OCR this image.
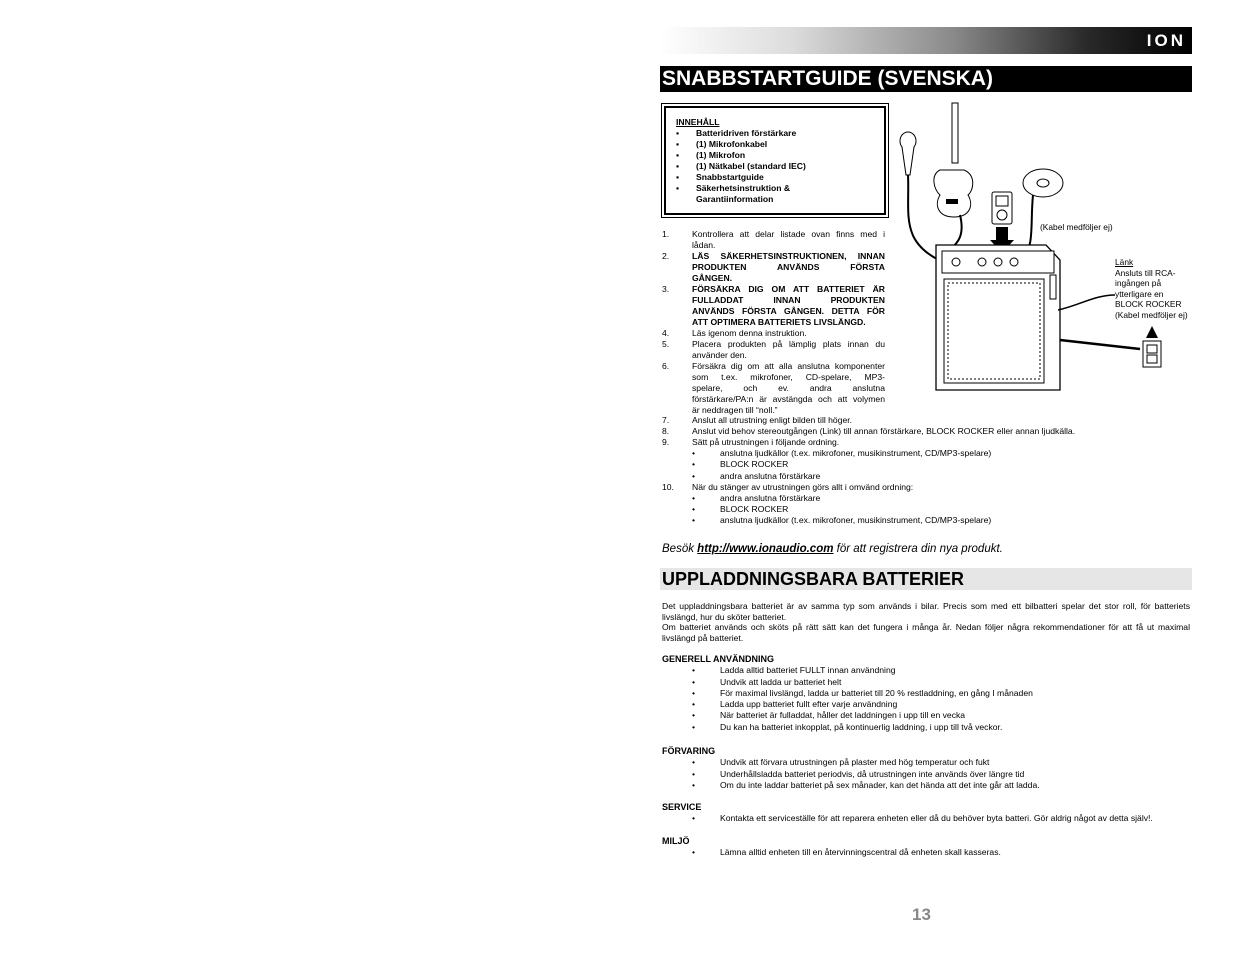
ION
SNABBSTARTGUIDE (SVENSKA)
INNEHÅLL
▪	Batteridriven förstärkare
▪	(1) Mikrofonkabel
▪	(1) Mikrofon
▪	(1) Nätkabel (standard IEC)
▪	Snabbstartguide
▪	Säkerhetsinstruktion &
Garantiinformation
1.	Kontrollera att delar listade ovan finns med i
lådan.
2.	LÄS SÄKERHETSINSTRUKTIONEN, INNAN
PRODUKTEN ANVÄNDS FÖRSTA
GÅNGEN.
3.	FÖRSÄKRA DIG OM ATT BATTERIET ÄR
FULLADDAT INNAN PRODUKTEN
ANVÄNDS FÖRSTA GÅNGEN. DETTA FÖR
ATT OPTIMERA BATTERIETS LIVSLÄNGD.
4.	Läs igenom denna instruktion.
5.	Placera produkten på lämplig plats innan du
använder den.
6.	Försäkra dig om att alla anslutna komponenter
som t.ex. mikrofoner, CD-spelare, MP3-
spelare, och ev. andra anslutna
förstärkare/PA:n är avstängda och att volymen
är neddragen till “noll.”
(Kabel medföljer ej)
Länk
Ansluts till RCA-
ingången på
ytterligare en
BLOCK ROCKER
(Kabel medföljer ej)
7.	Anslut all utrustning enligt bilden till höger.
8.	Anslut vid behov stereoutgången (Link) till annan förstärkare, BLOCK ROCKER eller annan ljudkälla.
9.	Sätt på utrustningen i följande ordning.
•	anslutna ljudkällor (t.ex. mikrofoner, musikinstrument, CD/MP3-spelare)
•	BLOCK ROCKER
•	andra anslutna förstärkare
10.	När du stänger av utrustningen görs allt i omvänd ordning:
•	andra anslutna förstärkare
•	BLOCK ROCKER
•	anslutna ljudkällor (t.ex. mikrofoner, musikinstrument, CD/MP3-spelare)
Besök http://www.ionaudio.com för att registrera din nya produkt.
UPPLADDNINGSBARA BATTERIER
Det uppladdningsbara batteriet är av samma typ som används i bilar. Precis som med ett bilbatteri spelar det stor roll, för batteriets livslängd, hur du sköter batteriet.
Om batteriet används och sköts på rätt sätt kan det fungera i många år. Nedan följer några rekommendationer för att få ut maximal livslängd på batteriet.
GENERELL ANVÄNDNING
•	Ladda alltid batteriet FULLT innan användning
•	Undvik att ladda ur batteriet helt
•	För maximal livslängd, ladda ur batteriet till 20 % restladdning, en gång I månaden
•	Ladda upp batteriet fullt efter varje användning
•	När batteriet är fulladdat, håller det laddningen i upp till en vecka
•	Du kan ha batteriet inkopplat, på kontinuerlig laddning, i upp till två veckor.
FÖRVARING
•	Undvik att förvara utrustningen på plaster med hög temperatur och fukt
•	Underhållsladda batteriet periodvis, då utrustningen inte används över längre tid
•	Om du inte laddar batteriet på sex månader, kan det hända att det inte går att ladda.
SERVICE
•	Kontakta ett serviceställe för att reparera enheten eller då du behöver byta batteri. Gör aldrig något av detta själv!.
MILJÖ
•	Lämna alltid enheten till en återvinningscentral då enheten skall kasseras.
13
